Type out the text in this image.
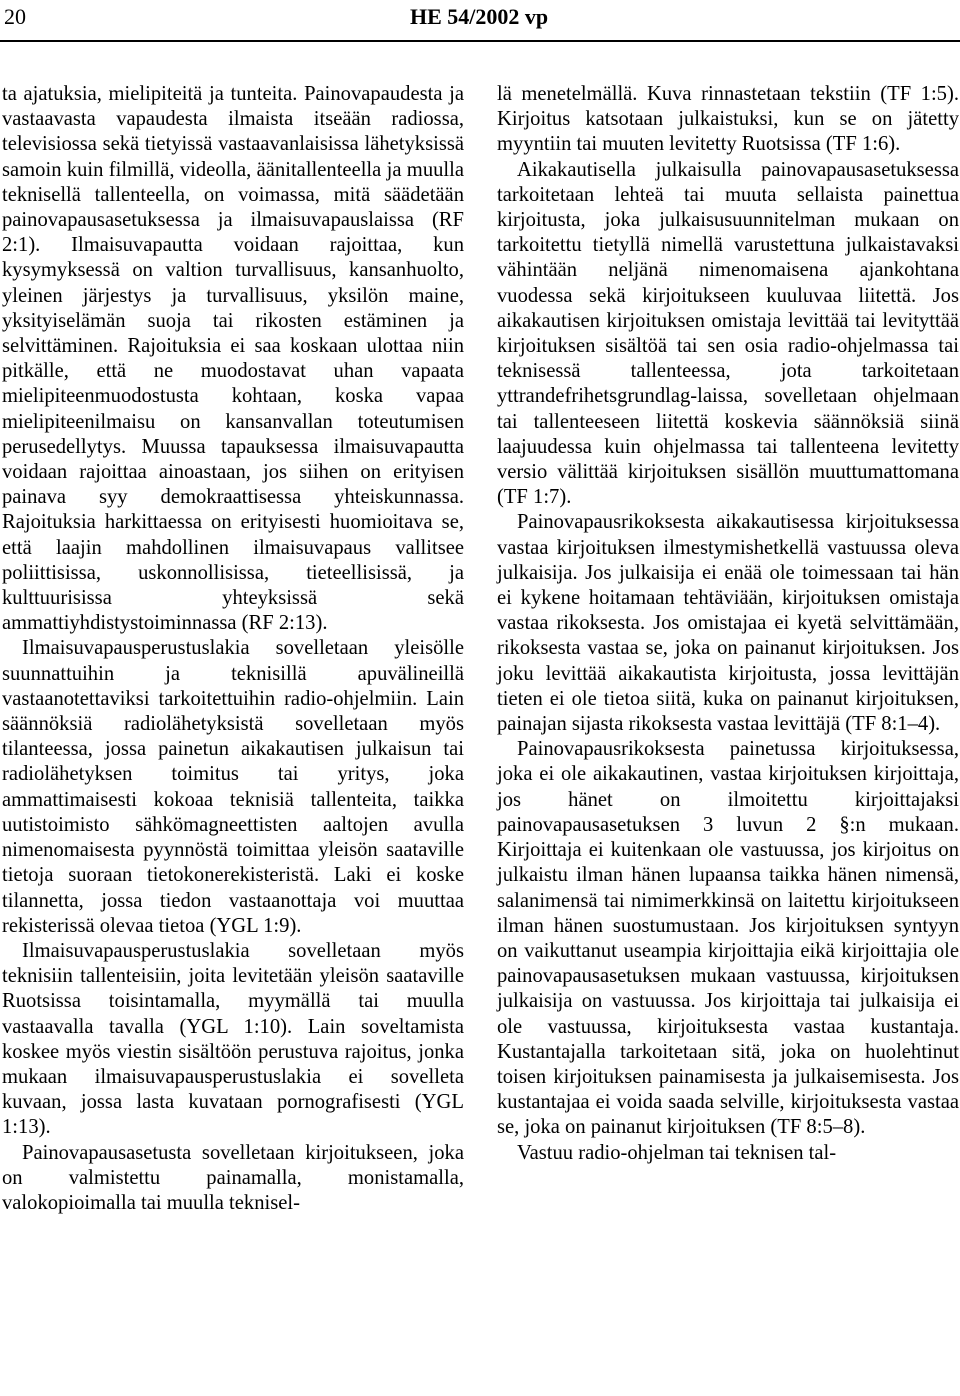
20	HE 54/2002 vp

ta ajatuksia, mielipiteitä ja tunteita. Painovapaudesta ja vastaavasta vapaudesta ilmaista itseään radiossa, televisiossa sekä tietyissä vastaavanlaisissa lähetyksissä samoin kuin filmillä, videolla, äänitallenteella ja muulla teknisellä tallenteella, on voimassa, mitä säädetään painovapausasetuksessa ja ilmaisuvapauslaissa (RF 2:1). Ilmaisuvapautta voidaan rajoittaa, kun kysymyksessä on valtion turvallisuus, kansanhuolto, yleinen järjestys ja turvallisuus, yksilön maine, yksityiselämän suoja tai rikosten estäminen ja selvittäminen. Rajoituksia ei saa koskaan ulottaa niin pitkälle, että ne muodostavat uhan vapaata mielipiteenmuodostusta kohtaan, koska vapaa mielipiteenilmaisu on kansanvallan toteutumisen perusedellytys. Muussa tapauksessa ilmaisuvapautta voidaan rajoittaa ainoastaan, jos siihen on erityisen painava syy demokraattisessa yhteiskunnassa. Rajoituksia harkittaessa on erityisesti huomioitava se, että laajin mahdollinen ilmaisuvapaus vallitsee poliittisissa, uskonnollisissa, tieteellisissä, ja kulttuurisissa yhteyksissä sekä ammattiyhdistystoiminnassa (RF 2:13).

Ilmaisuvapausperustuslakia sovelletaan yleisölle suunnattuihin ja teknisillä apuvälineillä vastaanotettaviksi tarkoitettuihin radio-ohjelmiin. Lain säännöksiä radiolähetyksistä sovelletaan myös tilanteessa, jossa painetun aikakautisen julkaisun tai radiolähetyksen toimitus tai yritys, joka ammattimaisesti kokoaa teknisiä tallenteita, taikka uutistoimisto sähkömagneettisten aaltojen avulla nimenomaisesta pyynnöstä toimittaa yleisön saataville tietoja suoraan tietokonerekisteristä. Laki ei koske tilannetta, jossa tiedon vastaanottaja voi muuttaa rekisterissä olevaa tietoa (YGL 1:9).

Ilmaisuvapausperustuslakia sovelletaan myös teknisiin tallenteisiin, joita levitetään yleisön saataville Ruotsissa toisintamalla, myymällä tai muulla vastaavalla tavalla (YGL 1:10). Lain soveltamista koskee myös viestin sisältöön perustuva rajoitus, jonka mukaan ilmaisuvapausperustuslakia ei sovelleta kuvaan, jossa lasta kuvataan pornografisesti (YGL 1:13).

Painovapausasetusta sovelletaan kirjoitukseen, joka on valmistettu painamalla, monistamalla, valokopioimalla tai muulla teknisel-

lä menetelmällä. Kuva rinnastetaan tekstiin (TF 1:5). Kirjoitus katsotaan julkaistuksi, kun se on jätetty myyntiin tai muuten levitetty Ruotsissa (TF 1:6).

Aikakautisella julkaisulla painovapausasetuksessa tarkoitetaan lehteä tai muuta sellaista painettua kirjoitusta, joka julkaisusuunnitelman mukaan on tarkoitettu tietyllä nimellä varustettuna julkaistavaksi vähintään neljänä nimenomaisena ajankohtana vuodessa sekä kirjoitukseen kuuluvaa liitettä. Jos aikakautisen kirjoituksen omistaja levittää tai levityttää kirjoituksen sisältöä tai sen osia radio-ohjelmassa tai teknisessä tallenteessa, jota tarkoitetaan yttrandefrihetsgrundlag-laissa, sovelletaan ohjelmaan tai tallenteeseen liitettä koskevia säännöksiä siinä laajuudessa kuin ohjelmassa tai tallenteena levitetty versio välittää kirjoituksen sisällön muuttumattomana (TF 1:7).

Painovapausrikoksesta aikakautisessa kirjoituksessa vastaa kirjoituksen ilmestymishetkellä vastuussa oleva julkaisija. Jos julkaisija ei enää ole toimessaan tai hän ei kykene hoitamaan tehtäviään, kirjoituksen omistaja vastaa rikoksesta. Jos omistajaa ei kyetä selvittämään, rikoksesta vastaa se, joka on painanut kirjoituksen. Jos joku levittää aikakautista kirjoitusta, jossa levittäjän tieten ei ole tietoa siitä, kuka on painanut kirjoituksen, painajan sijasta rikoksesta vastaa levittäjä (TF 8:1–4).

Painovapausrikoksesta painetussa kirjoituksessa, joka ei ole aikakautinen, vastaa kirjoituksen kirjoittaja, jos hänet on ilmoitettu kirjoittajaksi painovapausasetuksen 3 luvun 2 §:n mukaan. Kirjoittaja ei kuitenkaan ole vastuussa, jos kirjoitus on julkaistu ilman hänen lupaansa taikka hänen nimensä, salanimensä tai nimimerkkinsä on laitettu kirjoitukseen ilman hänen suostumustaan. Jos kirjoituksen syntyyn on vaikuttanut useampia kirjoittajia eikä kirjoittajia ole painovapausasetuksen mukaan vastuussa, kirjoituksen julkaisija on vastuussa. Jos kirjoittaja tai julkaisija ei ole vastuussa, kirjoituksesta vastaa kustantaja. Kustantajalla tarkoitetaan sitä, joka on huolehtinut toisen kirjoituksen painamisesta ja julkaisemisesta. Jos kustantajaa ei voida saada selville, kirjoituksesta vastaa se, joka on painanut kirjoituksen (TF 8:5–8).

Vastuu radio-ohjelman tai teknisen tal-
